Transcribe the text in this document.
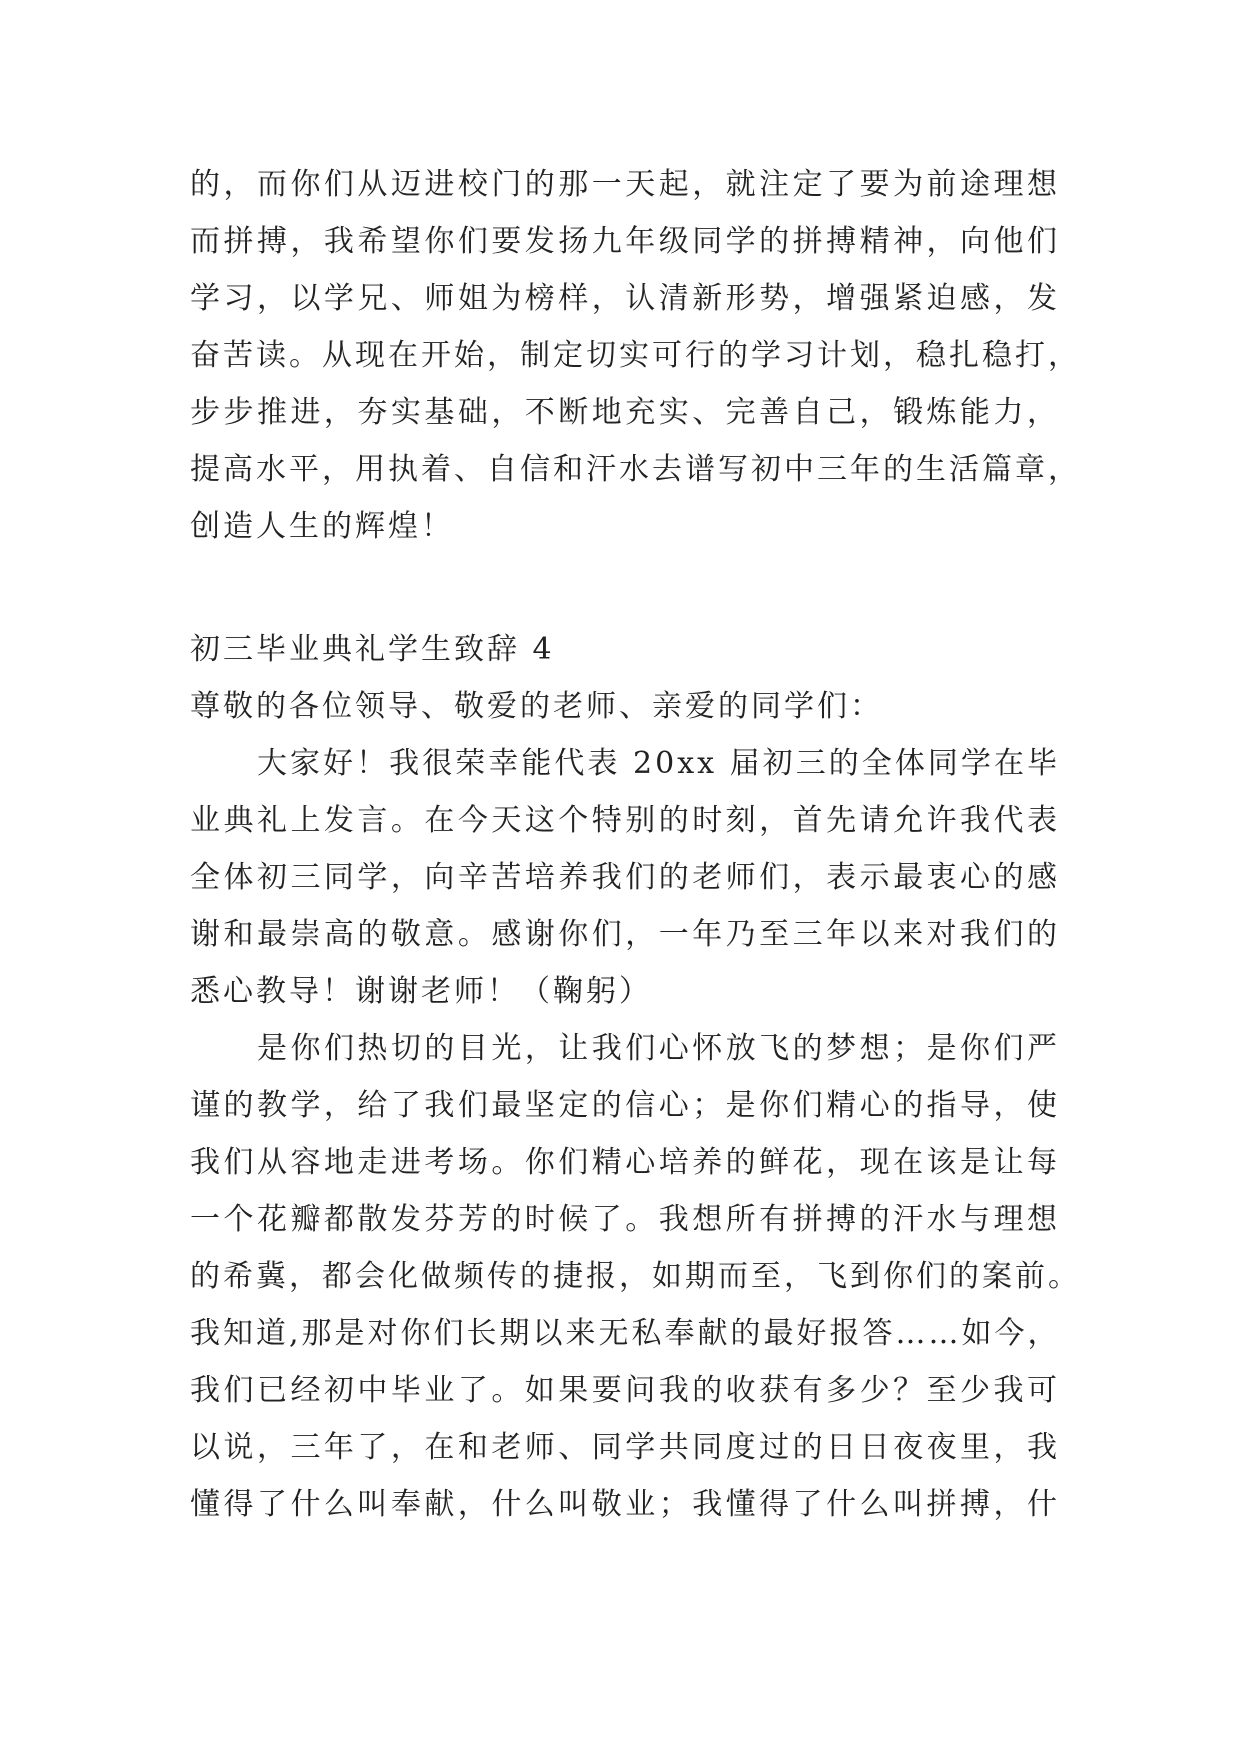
的，而你们从迈进校门的那一天起，就注定了要为前途理想
而拼搏，我希望你们要发扬九年级同学的拼搏精神，向他们
学习，以学兄、师姐为榜样，认清新形势，增强紧迫感，发
奋苦读。从现在开始，制定切实可行的学习计划，稳扎稳打，
步步推进，夯实基础，不断地充实、完善自己，锻炼能力，
提高水平，用执着、自信和汗水去谱写初中三年的生活篇章，
创造人生的辉煌！
初三毕业典礼学生致辞 4
尊敬的各位领导、敬爱的老师、亲爱的同学们：
大家好！我很荣幸能代表 20xx 届初三的全体同学在毕
业典礼上发言。在今天这个特别的时刻，首先请允许我代表
全体初三同学，向辛苦培养我们的老师们，表示最衷心的感
谢和最崇高的敬意。感谢你们，一年乃至三年以来对我们的
悉心教导！谢谢老师！（鞠躬）
是你们热切的目光，让我们心怀放飞的梦想；是你们严
谨的教学，给了我们最坚定的信心；是你们精心的指导，使
我们从容地走进考场。你们精心培养的鲜花，现在该是让每
一个花瓣都散发芬芳的时候了。我想所有拼搏的汗水与理想
的希冀，都会化做频传的捷报，如期而至，飞到你们的案前。
我知道,那是对你们长期以来无私奉献的最好报答……如今，
我们已经初中毕业了。如果要问我的收获有多少？至少我可
以说，三年了，在和老师、同学共同度过的日日夜夜里，我
懂得了什么叫奉献，什么叫敬业；我懂得了什么叫拼搏，什
